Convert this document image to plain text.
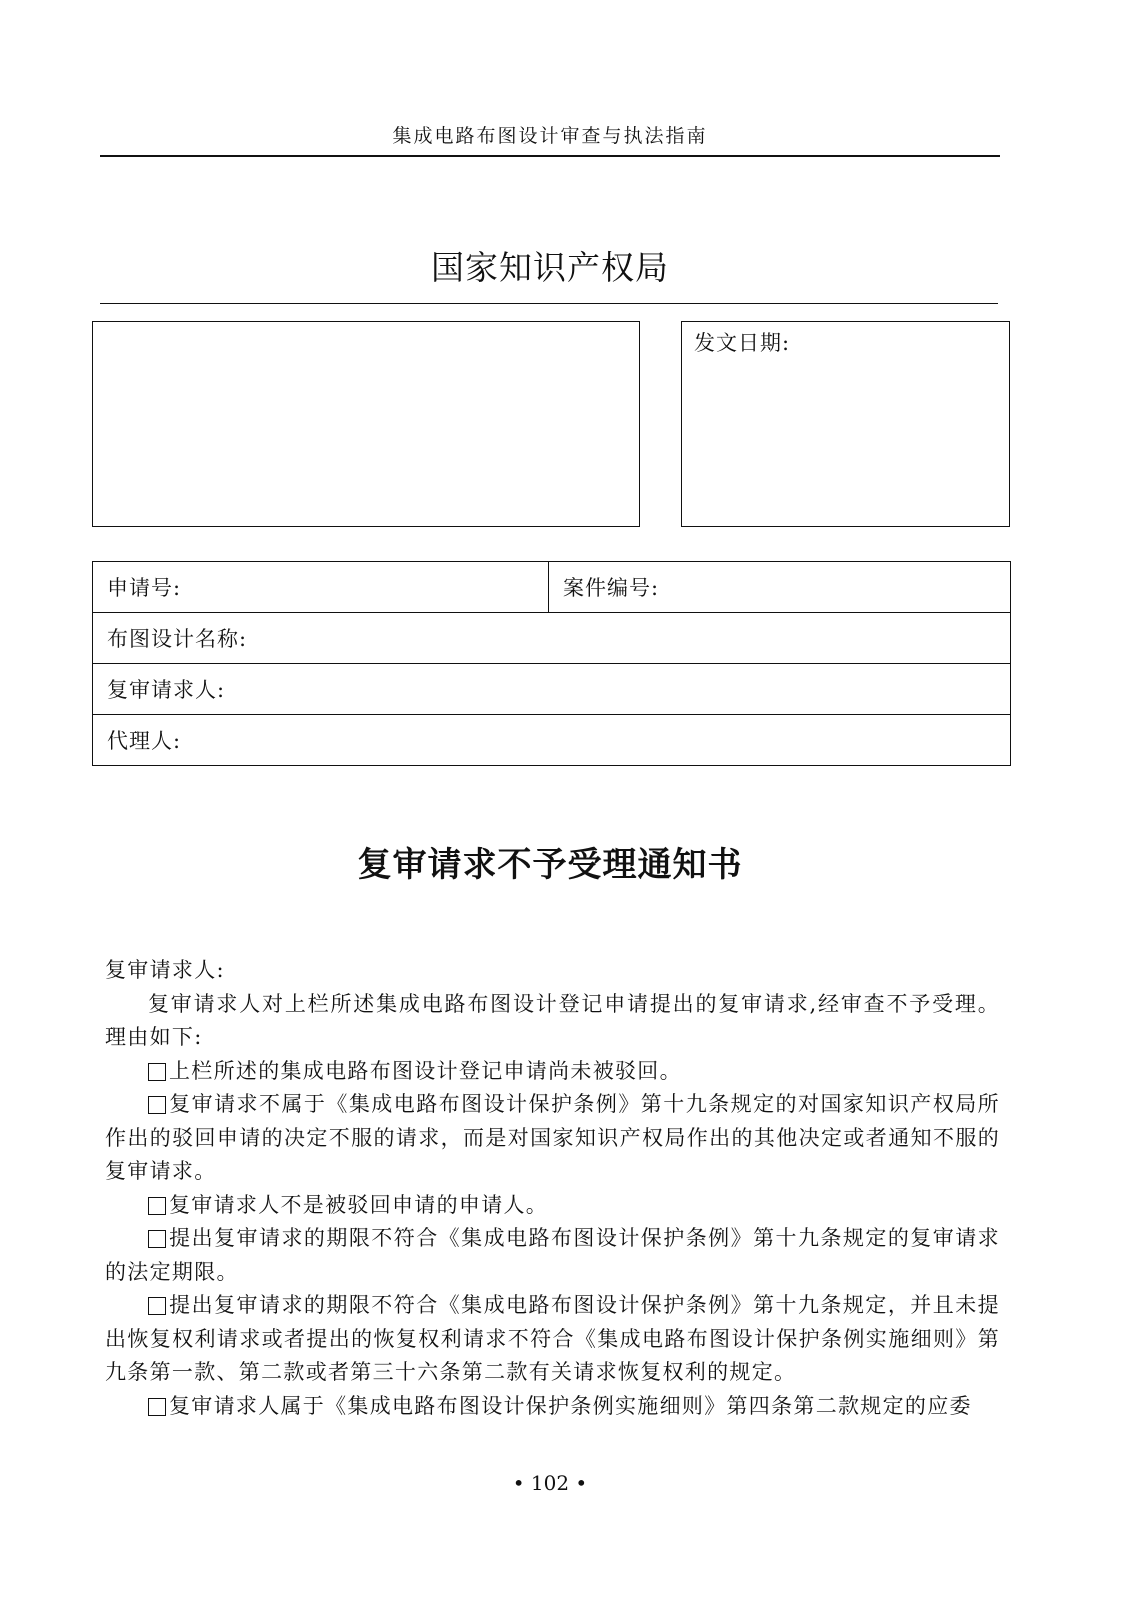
集成电路布图设计审查与执法指南
国家知识产权局
发文日期:
申请号:	案件编号:
布图设计名称:
复审请求人:
代理人:
复审请求不予受理通知书

复审请求人:

复审请求人对上栏所述集成电路布图设计登记申请提出的复审请求,经审查不予受理。理由如下:

上栏所述的集成电路布图设计登记申请尚未被驳回。

复审请求不属于《集成电路布图设计保护条例》第十九条规定的对国家知识产权局所作出的驳回申请的决定不服的请求，而是对国家知识产权局作出的其他决定或者通知不服的复审请求。

复审请求人不是被驳回申请的申请人。

提出复审请求的期限不符合《集成电路布图设计保护条例》第十九条规定的复审请求的法定期限。

提出复审请求的期限不符合《集成电路布图设计保护条例》第十九条规定，并且未提出恢复权利请求或者提出的恢复权利请求不符合《集成电路布图设计保护条例实施细则》第九条第一款、第二款或者第三十六条第二款有关请求恢复权利的规定。

复审请求人属于《集成电路布图设计保护条例实施细则》第四条第二款规定的应委

• 102 •
